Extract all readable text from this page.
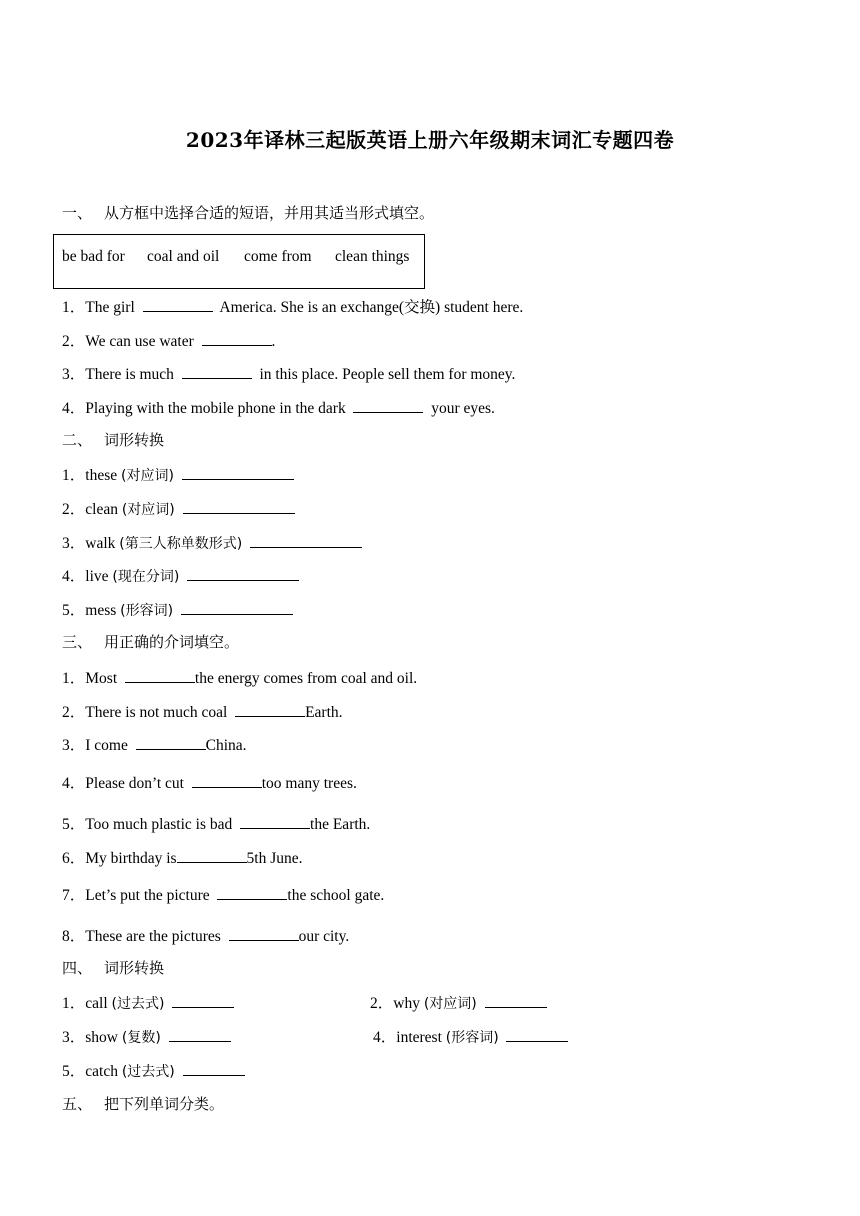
2023年译林三起版英语上册六年级期末词汇专题四卷
一、 从方框中选择合适的短语，并用其适当形式填空。
be bad for coal and oil come from clean things
1．The girl	America. She is an exchange(交换) student here.
2．We can use water	.
3．There is much	in this place. People sell them for money.
4．Playing with the mobile phone in the dark	your eyes.
二、 词形转换
1．these (对应词)
2．clean (对应词)
3．walk (第三人称单数形式)
4．live (现在分词)
5．mess (形容词)
三、 用正确的介词填空。
1．Most	the energy comes from coal and oil.
2．There is not much coal	Earth.
3．I come	China.
4．Please don’t cut	too many trees.
5．Too much plastic is bad	the Earth.
6．My birthday is	5th June.
7．Let’s put the picture	the school gate.
8．These are the pictures	our city.
四、 词形转换
1．call (过去式)	2．why (对应词)
3．show (复数)	4．interest (形容词)
5．catch (过去式)
五、 把下列单词分类。
